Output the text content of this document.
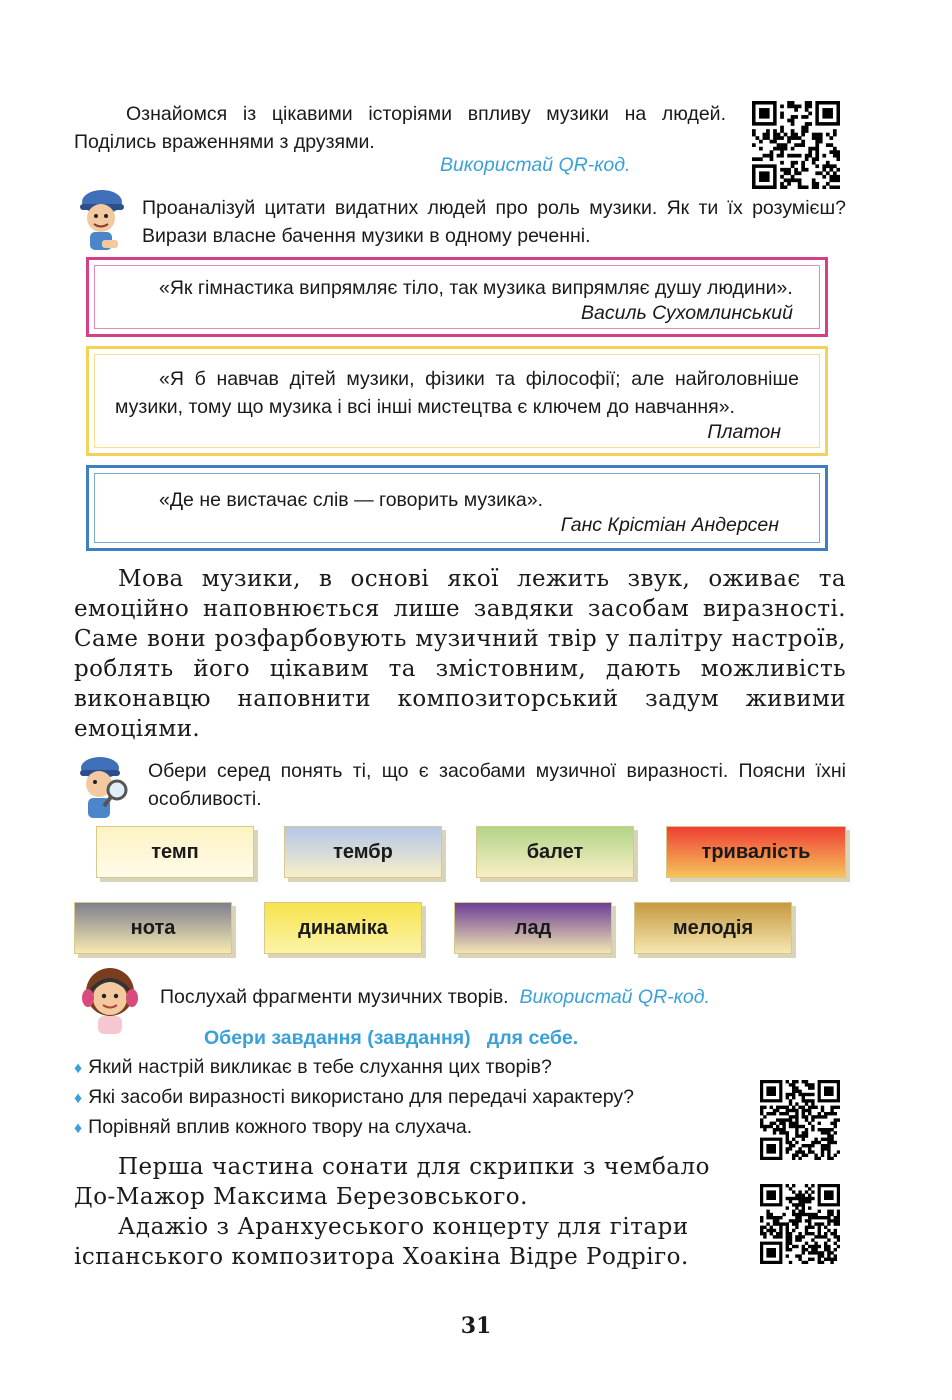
Ознайомся із цікавими історіями впливу музики на людей. Поділись враженнями з друзями.
Використай QR-код.
Проаналізуй цитати видатних людей про роль музики. Як ти їх розумієш? Вирази власне бачення музики в одному реченні.
«Як гімнастика випрямляє тіло, так музика випрямляє душу людини».
Василь Сухомлинський
«Я б навчав дітей музики, фізики та філософії; але найголовніше музики, тому що музика і всі інші мистецтва є ключем до навчання».
Платон
«Де не вистачає слів — говорить музика».
Ганс Крістіан Андерсен
Мова музики, в основі якої лежить звук, оживає та емоційно наповнюється лише завдяки засобам виразності. Саме вони розфарбовують музичний твір у палітру настроїв, роблять його цікавим та змістовним, дають можливість виконавцю наповнити композиторський задум живими емоціями.
Обери серед понять ті, що є засобами музичної виразності. Поясни їхні особливості.
темп	тембр	балет	тривалість
нота	динаміка	лад	мелодія
Послухай фрагменти музичних творів. Використай QR-код.
Обери завдання (завдання)   для себе.
♦ Який настрій викликає в тебе слухання цих творів?
♦ Які засоби виразності використано для передачі характеру?
♦ Порівняй вплив кожного твору на слухача.
Перша частина сонати для скрипки з чембало До-Мажор Максима Березовського.
Адажіо з Аранхуеського концерту для гітари іспанського композитора Хоакіна Відре Родріго.
31
